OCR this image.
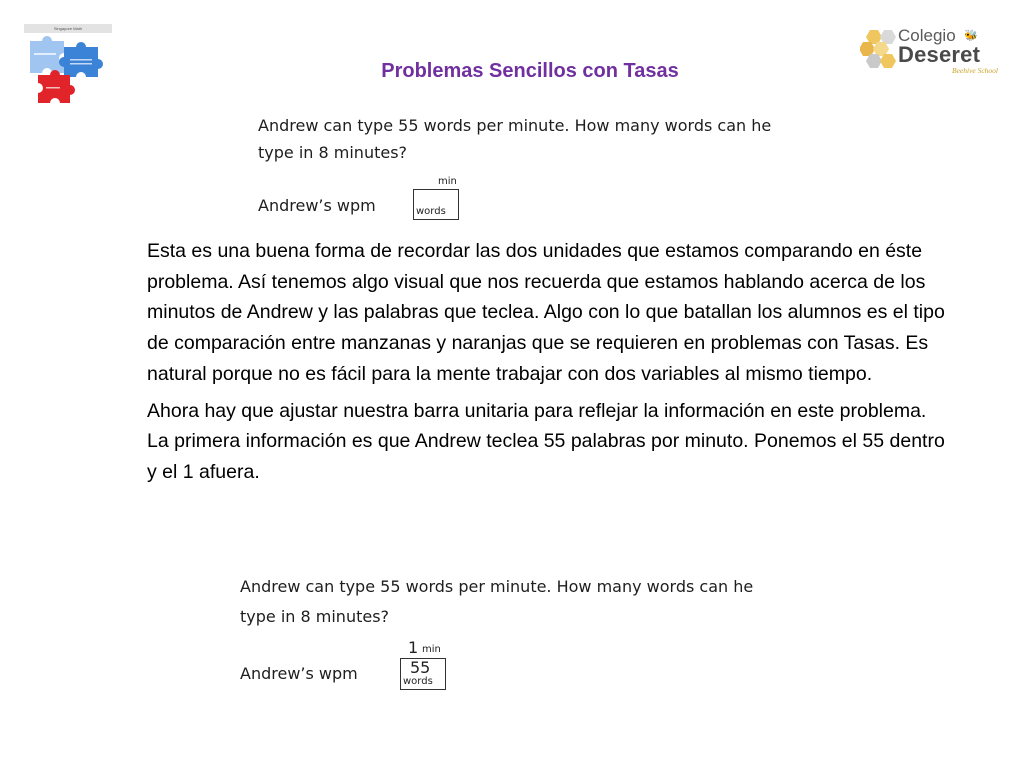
Singapore Math	Colegio 🐝
Deseret
Beehive School
Problemas Sencillos con Tasas
Andrew can type 55 words per minute. How many words can he
type in 8 minutes?
Andrew’s wpm
min
words

Esta es una buena forma de recordar las dos unidades que estamos comparando en éste problema. Así tenemos algo visual que nos recuerda que estamos hablando acerca de los minutos de Andrew y las palabras que teclea. Algo con lo que batallan los alumnos es el tipo de comparación entre manzanas y naranjas que se requieren en problemas con Tasas. Es natural porque no es fácil para la mente trabajar con dos variables al mismo tiempo.

Ahora hay que ajustar nuestra barra unitaria para reflejar la información en este problema. La primera información es que Andrew teclea 55 palabras por minuto. Ponemos el 55 dentro y el 1 afuera.

Andrew can type 55 words per minute. How many words can he
type in 8 minutes?
Andrew’s wpm
1 min
55
words
